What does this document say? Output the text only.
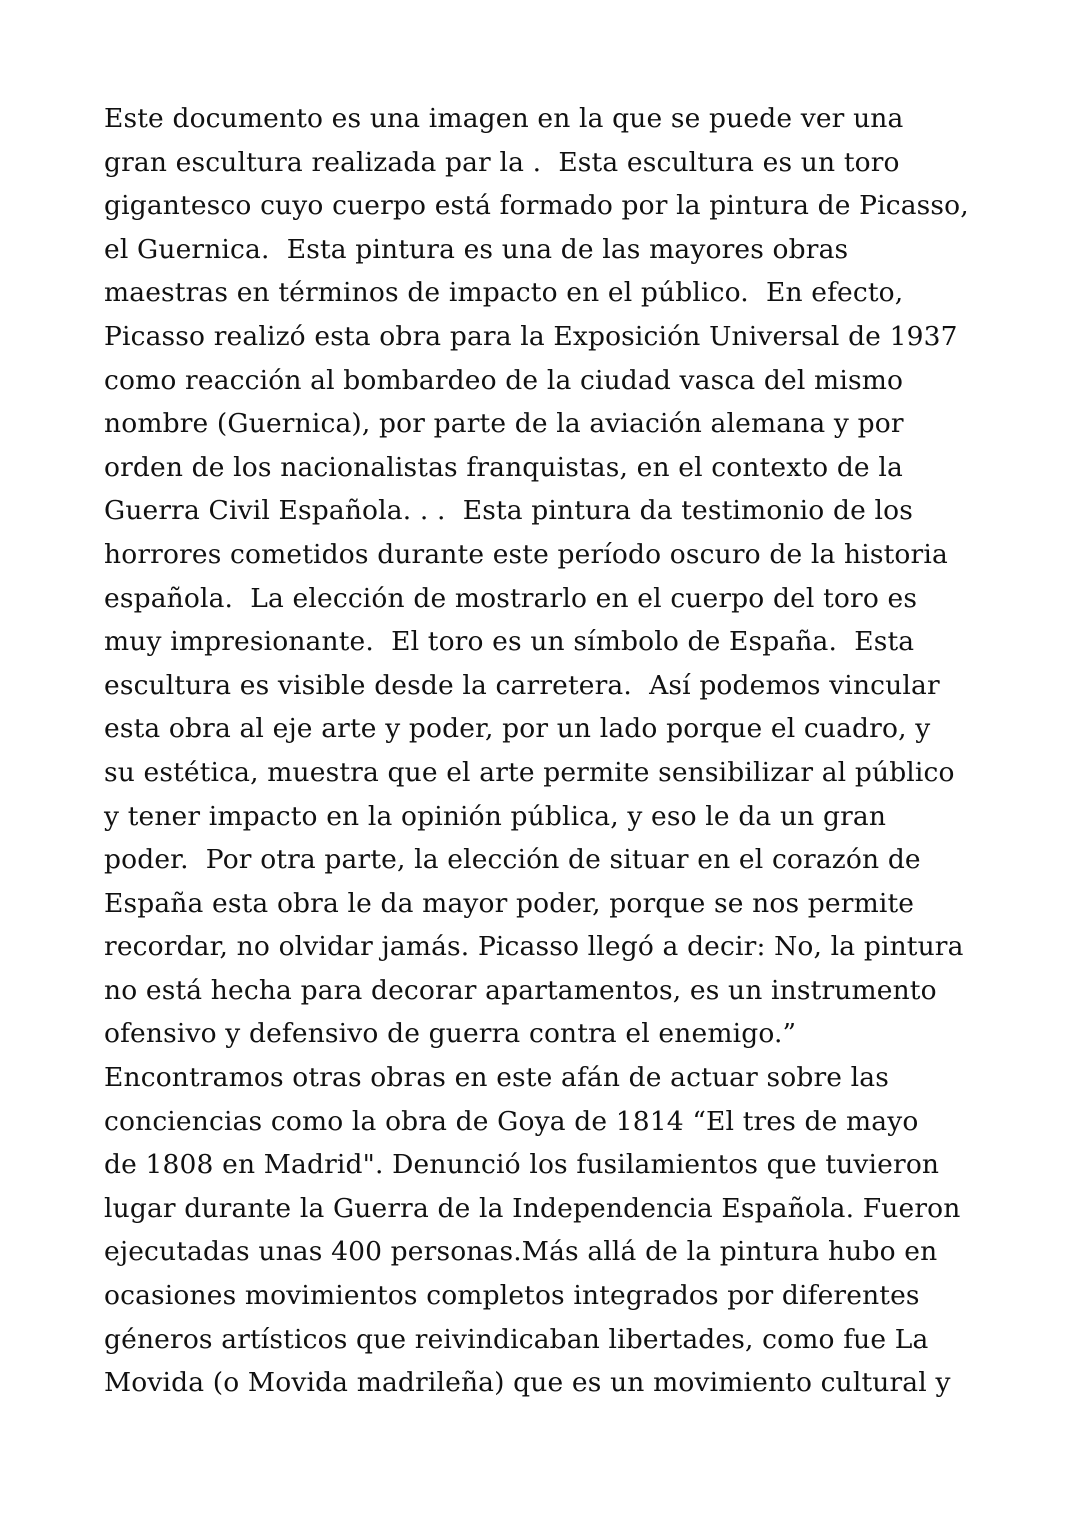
Este documento es una imagen en la que se puede ver una
gran escultura realizada par la .  Esta escultura es un toro
gigantesco cuyo cuerpo está formado por la pintura de Picasso,
el Guernica.  Esta pintura es una de las mayores obras
maestras en términos de impacto en el público.  En efecto,
Picasso realizó esta obra para la Exposición Universal de 1937
como reacción al bombardeo de la ciudad vasca del mismo
nombre (Guernica), por parte de la aviación alemana y por
orden de los nacionalistas franquistas, en el contexto de la
Guerra Civil Española. . .  Esta pintura da testimonio de los
horrores cometidos durante este período oscuro de la historia
española.  La elección de mostrarlo en el cuerpo del toro es
muy impresionante.  El toro es un símbolo de España.  Esta
escultura es visible desde la carretera.  Así podemos vincular
esta obra al eje arte y poder, por un lado porque el cuadro, y
su estética, muestra que el arte permite sensibilizar al público
y tener impacto en la opinión pública, y eso le da un gran
poder.  Por otra parte, la elección de situar en el corazón de
España esta obra le da mayor poder, porque se nos permite
recordar, no olvidar jamás. Picasso llegó a decir: No, la pintura
no está hecha para decorar apartamentos, es un instrumento
ofensivo y defensivo de guerra contra el enemigo.”
Encontramos otras obras en este afán de actuar sobre las
conciencias como la obra de Goya de 1814 “El tres de mayo
de 1808 en Madrid". Denunció los fusilamientos que tuvieron
lugar durante la Guerra de la Independencia Española. Fueron
ejecutadas unas 400 personas.Más allá de la pintura hubo en
ocasiones movimientos completos integrados por diferentes
géneros artísticos que reivindicaban libertades, como fue La
Movida (o Movida madrileña) que es un movimiento cultural y
